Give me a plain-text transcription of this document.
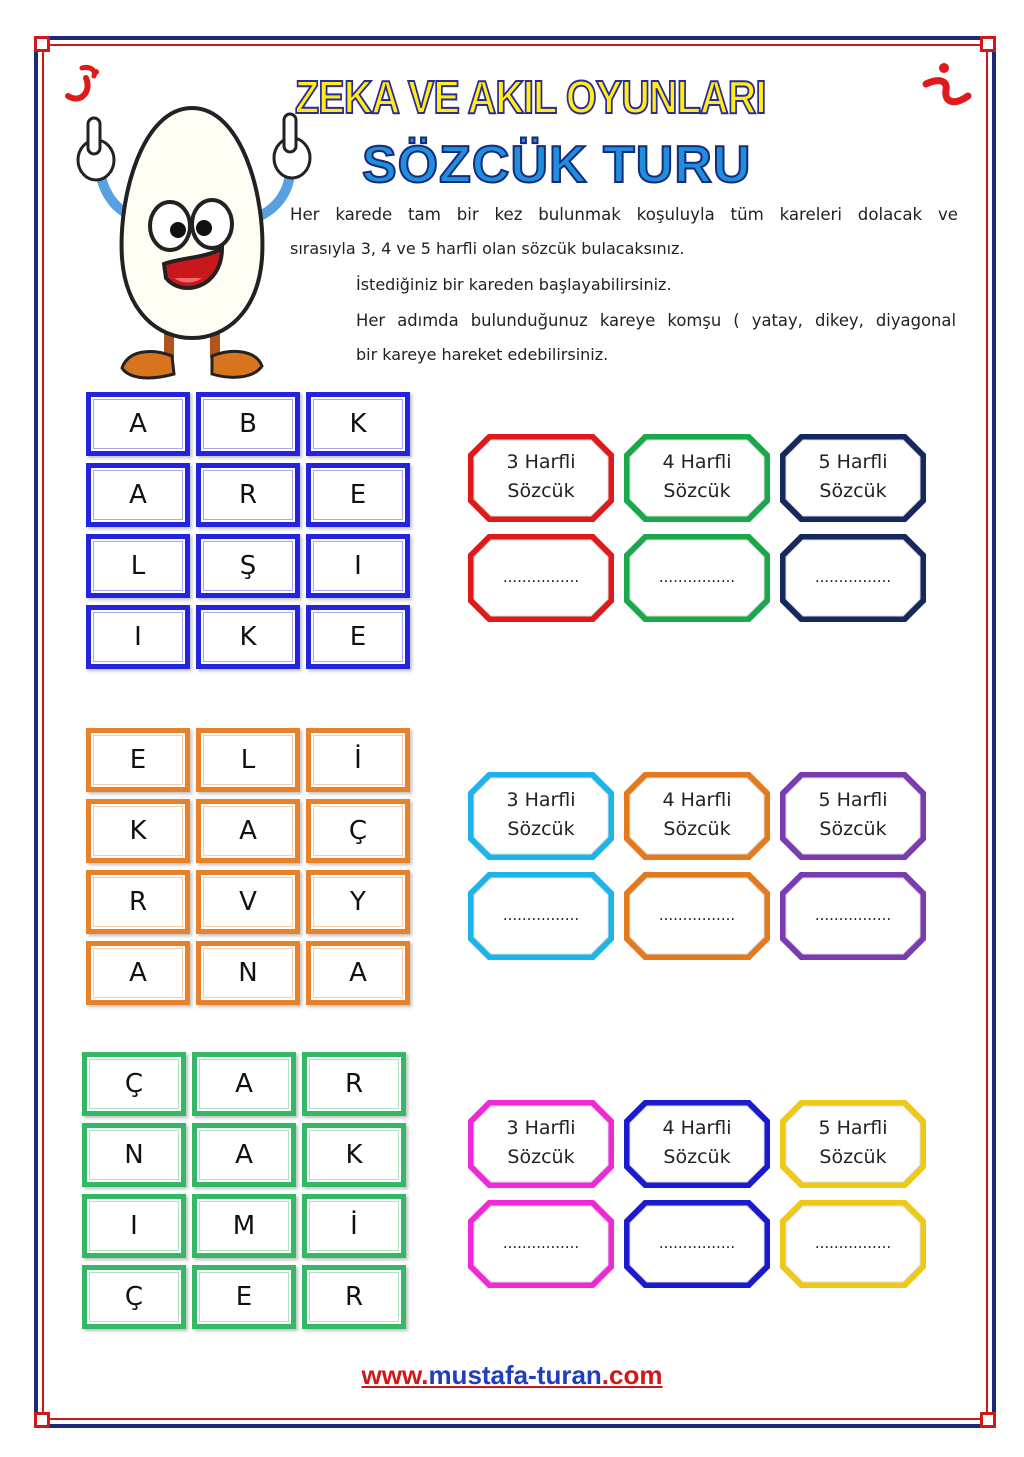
ZEKA VE AKIL OYUNLARI
SÖZCÜK TURU
Her karede tam bir kez bulunmak koşuluyla tüm kareleri dolacak ve
sırasıyla 3, 4 ve 5 harfli olan sözcük bulacaksınız.
İstediğiniz bir kareden başlayabilirsiniz.
Her adımda bulunduğunuz kareye komşu ( yatay, dikey, diyagonal
bir kareye hareket edebilirsiniz.
A	B	K
A	R	E
L	Ş	I
I	K	E
3 Harfli
Sözcük
................
4 Harfli
Sözcük
................
5 Harfli
Sözcük
................
E	L	İ
K	A	Ç
R	V	Y
A	N	A
3 Harfli
Sözcük
................
4 Harfli
Sözcük
................
5 Harfli
Sözcük
................
Ç	A	R
N	A	K
I	M	İ
Ç	E	R
3 Harfli
Sözcük
................
4 Harfli
Sözcük
................
5 Harfli
Sözcük
................
www.mustafa-turan.com
